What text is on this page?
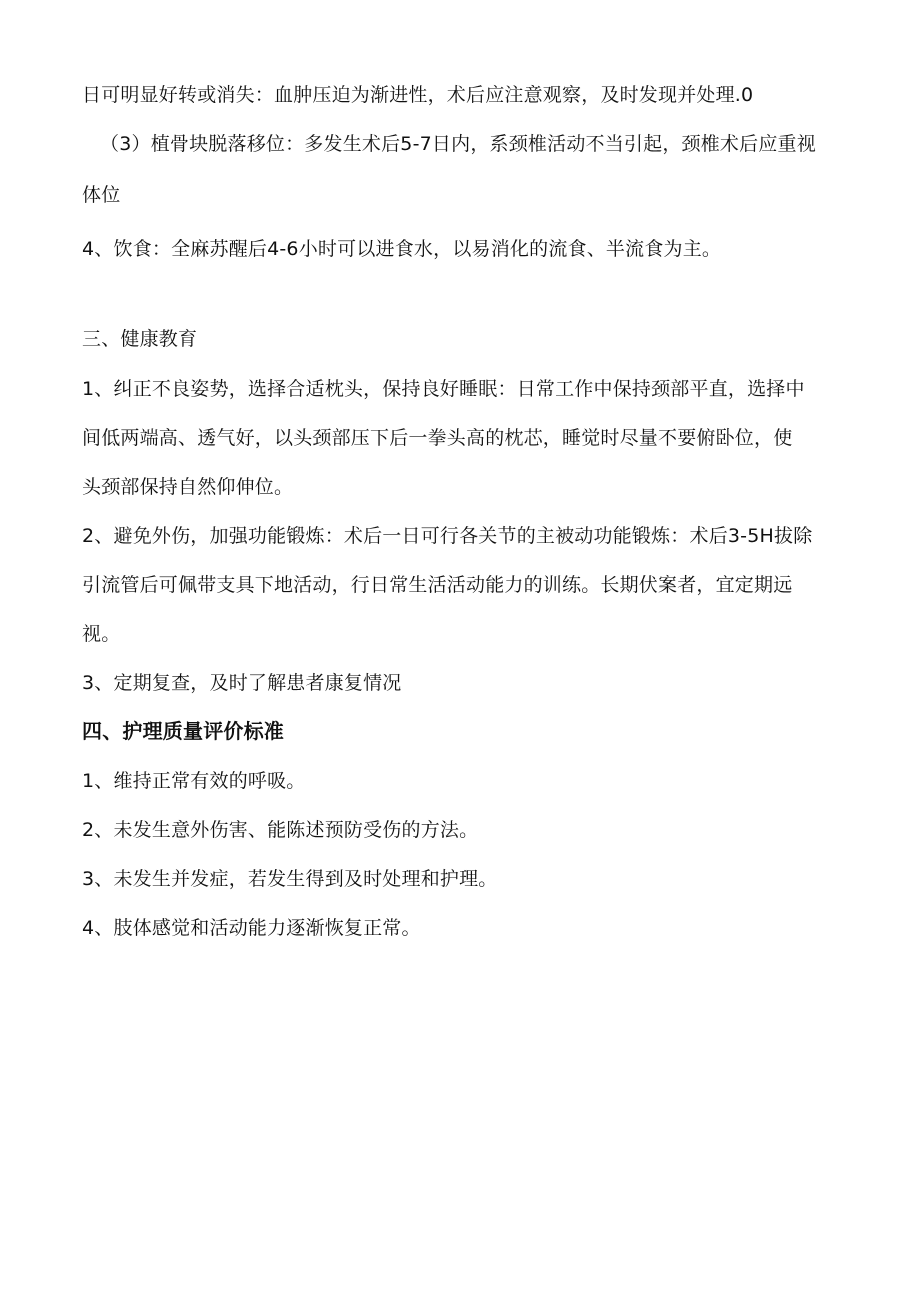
日可明显好转或消失：血肿压迫为渐进性，术后应注意观察，及时发现并处理.0
（3）植骨块脱落移位：多发生术后5-7日内，系颈椎活动不当引起，颈椎术后应重视
体位
4、饮食：全麻苏醒后4-6小时可以进食水，以易消化的流食、半流食为主。
三、健康教育
1、纠正不良姿势，选择合适枕头，保持良好睡眠：日常工作中保持颈部平直，选择中
间低两端高、透气好，以头颈部压下后一拳头高的枕芯，睡觉时尽量不要俯卧位，使
头颈部保持自然仰伸位。
2、避免外伤，加强功能锻炼：术后一日可行各关节的主被动功能锻炼：术后3-5H拔除
引流管后可佩带支具下地活动，行日常生活活动能力的训练。长期伏案者，宜定期远
视。
3、定期复查，及时了解患者康复情况
四、护理质量评价标准
1、维持正常有效的呼吸。
2、未发生意外伤害、能陈述预防受伤的方法。
3、未发生并发症，若发生得到及时处理和护理。
4、肢体感觉和活动能力逐渐恢复正常。
